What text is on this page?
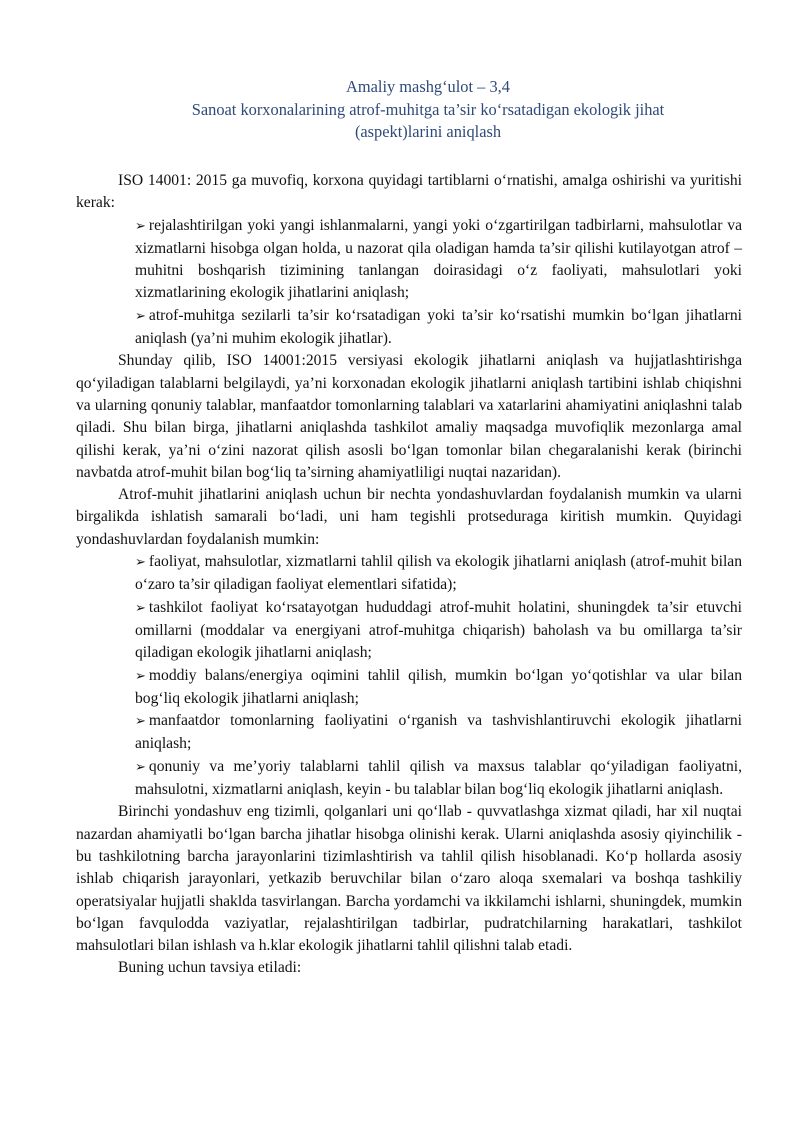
Amaliy mashg‘ulot – 3,4
Sanoat korxonalarining atrof-muhitga ta’sir ko‘rsatadigan ekologik jihat
(aspekt)larini aniqlash

ISO 14001: 2015 ga muvofiq, korxona quyidagi tartiblarni o‘rnatishi, amalga oshirishi va yuritishi kerak:

➢ rejalashtirilgan yoki yangi ishlanmalarni, yangi yoki o‘zgartirilgan tadbirlarni, mahsulotlar va xizmatlarni hisobga olgan holda, u nazorat qila oladigan hamda ta’sir qilishi kutilayotgan atrof –muhitni boshqarish tizimining tanlangan doirasidagi o‘z faoliyati, mahsulotlari yoki xizmatlarining ekologik jihatlarini aniqlash;

➢ atrof-muhitga sezilarli ta’sir ko‘rsatadigan yoki ta’sir ko‘rsatishi mumkin bo‘lgan jihatlarni aniqlash (ya’ni muhim ekologik jihatlar).

Shunday qilib, ISO 14001:2015 versiyasi ekologik jihatlarni aniqlash va hujjatlashtirishga qo‘yiladigan talablarni belgilaydi, ya’ni korxonadan ekologik jihatlarni aniqlash tartibini ishlab chiqishni va ularning qonuniy talablar, manfaatdor tomonlarning talablari va xatarlarini ahamiyatini aniqlashni talab qiladi. Shu bilan birga, jihatlarni aniqlashda tashkilot amaliy maqsadga muvofiqlik mezonlarga amal qilishi kerak, ya’ni o‘zini nazorat qilish asosli bo‘lgan tomonlar bilan chegaralanishi kerak (birinchi navbatda atrof-muhit bilan bog‘liq ta’sirning ahamiyatliligi nuqtai nazaridan).

Atrof-muhit jihatlarini aniqlash uchun bir nechta yondashuvlardan foydalanish mumkin va ularni birgalikda ishlatish samarali bo‘ladi, uni ham tegishli protseduraga kiritish mumkin. Quyidagi yondashuvlardan foydalanish mumkin:

➢ faoliyat, mahsulotlar, xizmatlarni tahlil qilish va ekologik jihatlarni aniqlash (atrof-muhit bilan o‘zaro ta’sir qiladigan faoliyat elementlari sifatida);

➢ tashkilot faoliyat ko‘rsatayotgan hududdagi atrof-muhit holatini, shuningdek ta’sir etuvchi omillarni (moddalar va energiyani atrof-muhitga chiqarish) baholash va bu omillarga ta’sir qiladigan ekologik jihatlarni aniqlash;

➢ moddiy balans/energiya oqimini tahlil qilish, mumkin bo‘lgan yo‘qotishlar va ular bilan bog‘liq ekologik jihatlarni aniqlash;

➢ manfaatdor tomonlarning faoliyatini o‘rganish va tashvishlantiruvchi ekologik jihatlarni aniqlash;

➢ qonuniy va me’yoriy talablarni tahlil qilish va maxsus talablar qo‘yiladigan faoliyatni, mahsulotni, xizmatlarni aniqlash, keyin - bu talablar bilan bog‘liq ekologik jihatlarni aniqlash.

Birinchi yondashuv eng tizimli, qolganlari uni qo‘llab - quvvatlashga xizmat qiladi, har xil nuqtai nazardan ahamiyatli bo‘lgan barcha jihatlar hisobga olinishi kerak. Ularni aniqlashda asosiy qiyinchilik - bu tashkilotning barcha jarayonlarini tizimlashtirish va tahlil qilish hisoblanadi. Ko‘p hollarda asosiy ishlab chiqarish jarayonlari, yetkazib beruvchilar bilan o‘zaro aloqa sxemalari va boshqa tashkiliy operatsiyalar hujjatli shaklda tasvirlangan. Barcha yordamchi va ikkilamchi ishlarni, shuningdek, mumkin bo‘lgan favqulodda vaziyatlar, rejalashtirilgan tadbirlar, pudratchilarning harakatlari, tashkilot mahsulotlari bilan ishlash va h.klar ekologik jihatlarni tahlil qilishni talab etadi.

Buning uchun tavsiya etiladi:
